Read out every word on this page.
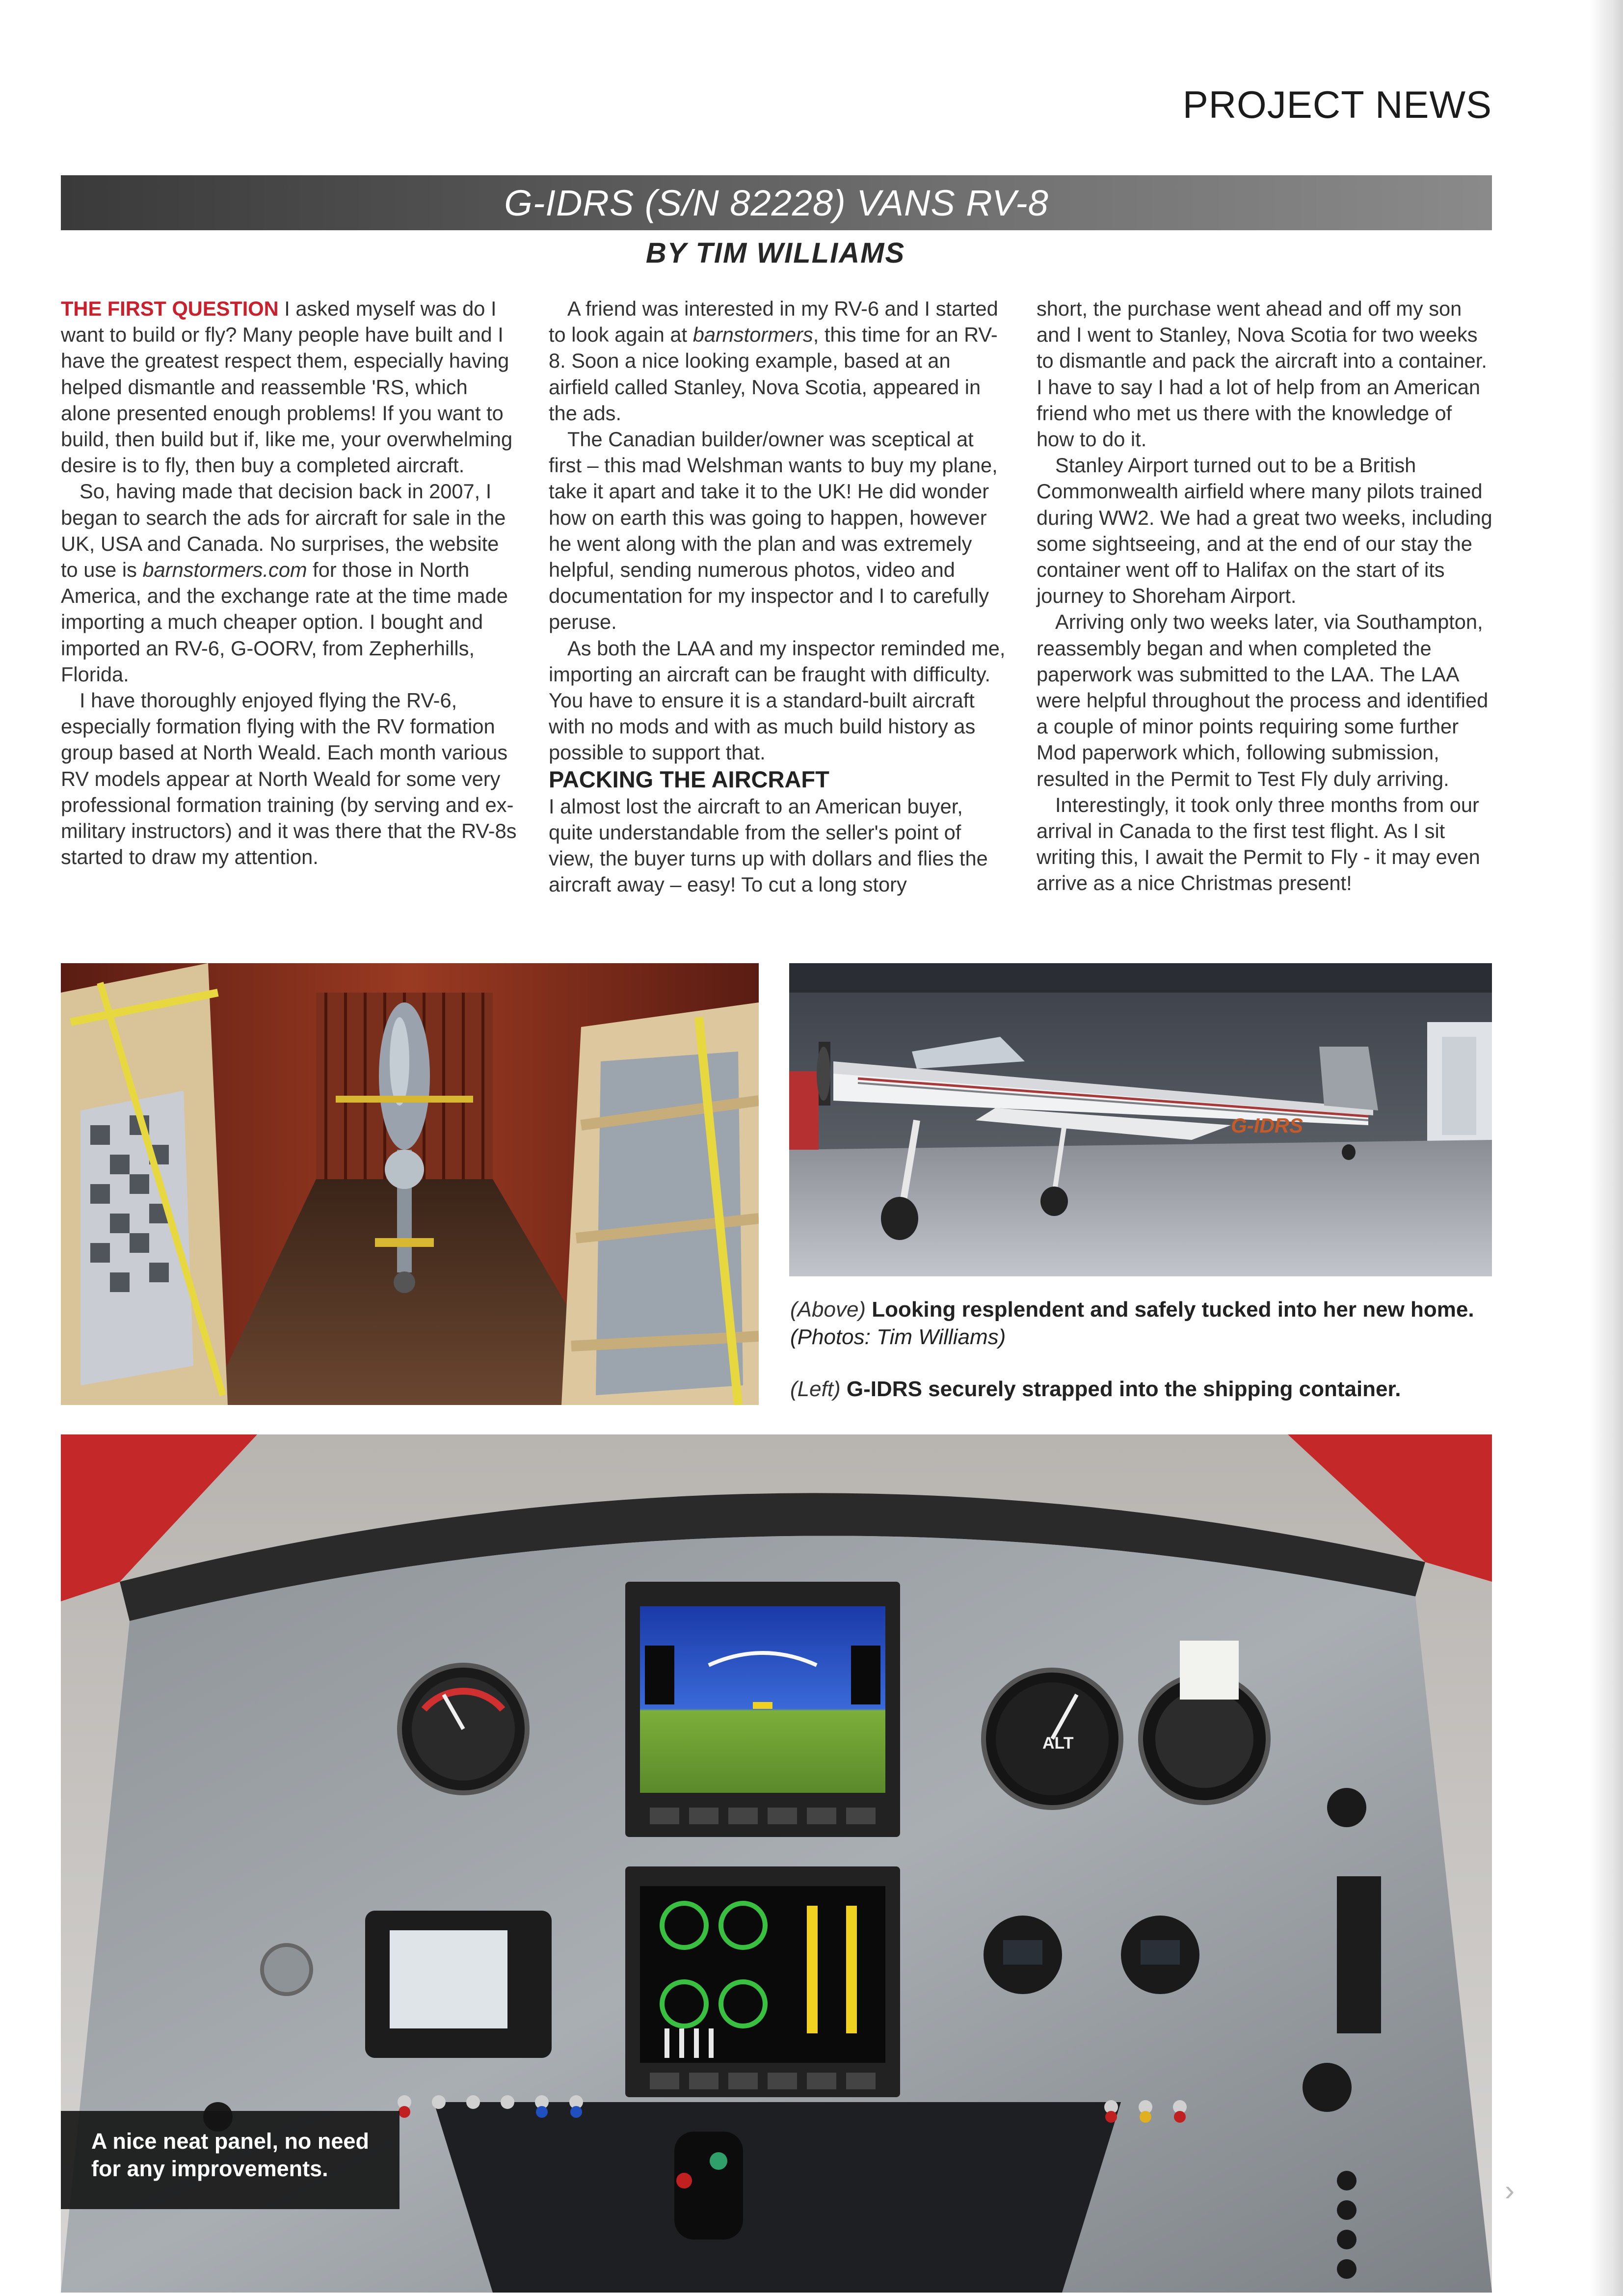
PROJECT NEWS
G-IDRS (S/N 82228) VANS RV-8
BY TIM WILLIAMS

THE FIRST QUESTION I asked myself was do I want to build or fly? Many people have built and I have the greatest respect them, especially having helped dismantle and reassemble 'RS, which alone presented enough problems! If you want to build, then build but if, like me, your overwhelming desire is to fly, then buy a completed aircraft.

So, having made that decision back in 2007, I began to search the ads for aircraft for sale in the UK, USA and Canada. No surprises, the website to use is barnstormers.com for those in North America, and the exchange rate at the time made importing a much cheaper option. I bought and imported an RV-6, G-OORV, from Zepherhills, Florida.

I have thoroughly enjoyed flying the RV-6, especially formation flying with the RV formation group based at North Weald. Each month various RV models appear at North Weald for some very professional formation training (by serving and ex-military instructors) and it was there that the RV-8s started to draw my attention.

A friend was interested in my RV-6 and I started to look again at barnstormers, this time for an RV-8. Soon a nice looking example, based at an airfield called Stanley, Nova Scotia, appeared in the ads.

The Canadian builder/owner was sceptical at first – this mad Welshman wants to buy my plane, take it apart and take it to the UK! He did wonder how on earth this was going to happen, however he went along with the plan and was extremely helpful, sending numerous photos, video and documentation for my inspector and I to carefully peruse.

As both the LAA and my inspector reminded me, importing an aircraft can be fraught with difficulty. You have to ensure it is a standard-built aircraft with no mods and with as much build history as possible to support that.

PACKING THE AIRCRAFT

I almost lost the aircraft to an American buyer, quite understandable from the seller's point of view, the buyer turns up with dollars and flies the aircraft away – easy! To cut a long story

short, the purchase went ahead and off my son and I went to Stanley, Nova Scotia for two weeks to dismantle and pack the aircraft into a container. I have to say I had a lot of help from an American friend who met us there with the knowledge of how to do it.

Stanley Airport turned out to be a British Commonwealth airfield where many pilots trained during WW2. We had a great two weeks, including some sightseeing, and at the end of our stay the container went off to Halifax on the start of its journey to Shoreham Airport.

Arriving only two weeks later, via Southampton, reassembly began and when completed the paperwork was submitted to the LAA. The LAA were helpful throughout the process and identified a couple of minor points requiring some further Mod paperwork which, following submission, resulted in the Permit to Test Fly duly arriving.

Interestingly, it took only three months from our arrival in Canada to the first test flight. As I sit writing this, I await the Permit to Fly - it may even arrive as a nice Christmas present!

G-IDRS
(Above) Looking resplendent and safely tucked into her new home. (Photos: Tim Williams)
(Left) G-IDRS securely strapped into the shipping container.
ALT
A nice neat panel, no need for any improvements.
›
